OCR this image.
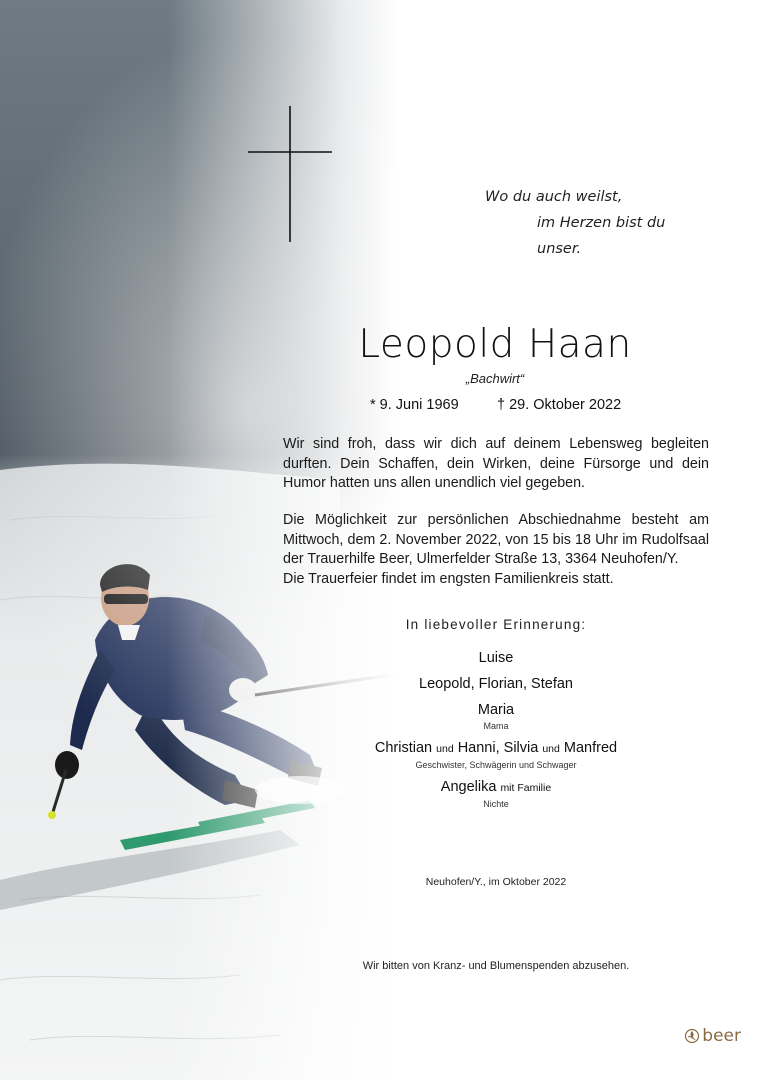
Wo du auch weilst,
im Herzen bist du unser.
Leopold Haan
„Bachwirt“
* 9. Juni 1969	† 29. Oktober 2022

Wir sind froh, dass wir dich auf deinem Lebensweg begleiten durften. Dein Schaffen, dein Wirken, deine Fürsorge und dein Humor hatten uns allen unendlich viel gegeben.

Die Möglichkeit zur persönlichen Abschiednahme besteht am Mittwoch, dem 2. November 2022, von 15 bis 18 Uhr im Rudolfsaal der Trauerhilfe Beer, Ulmerfelder Straße 13, 3364 Neuhofen/Y.

Die Trauerfeier findet im engsten Familienkreis statt.

In liebevoller Erinnerung:
Luise
Leopold, Florian, Stefan
Maria
Mama
Christian und Hanni, Silvia und Manfred
Geschwister, Schwägerin und Schwager
Angelika mit Familie
Nichte
Neuhofen/Y., im Oktober 2022
Wir bitten von Kranz- und Blumenspenden abzusehen.
beer
